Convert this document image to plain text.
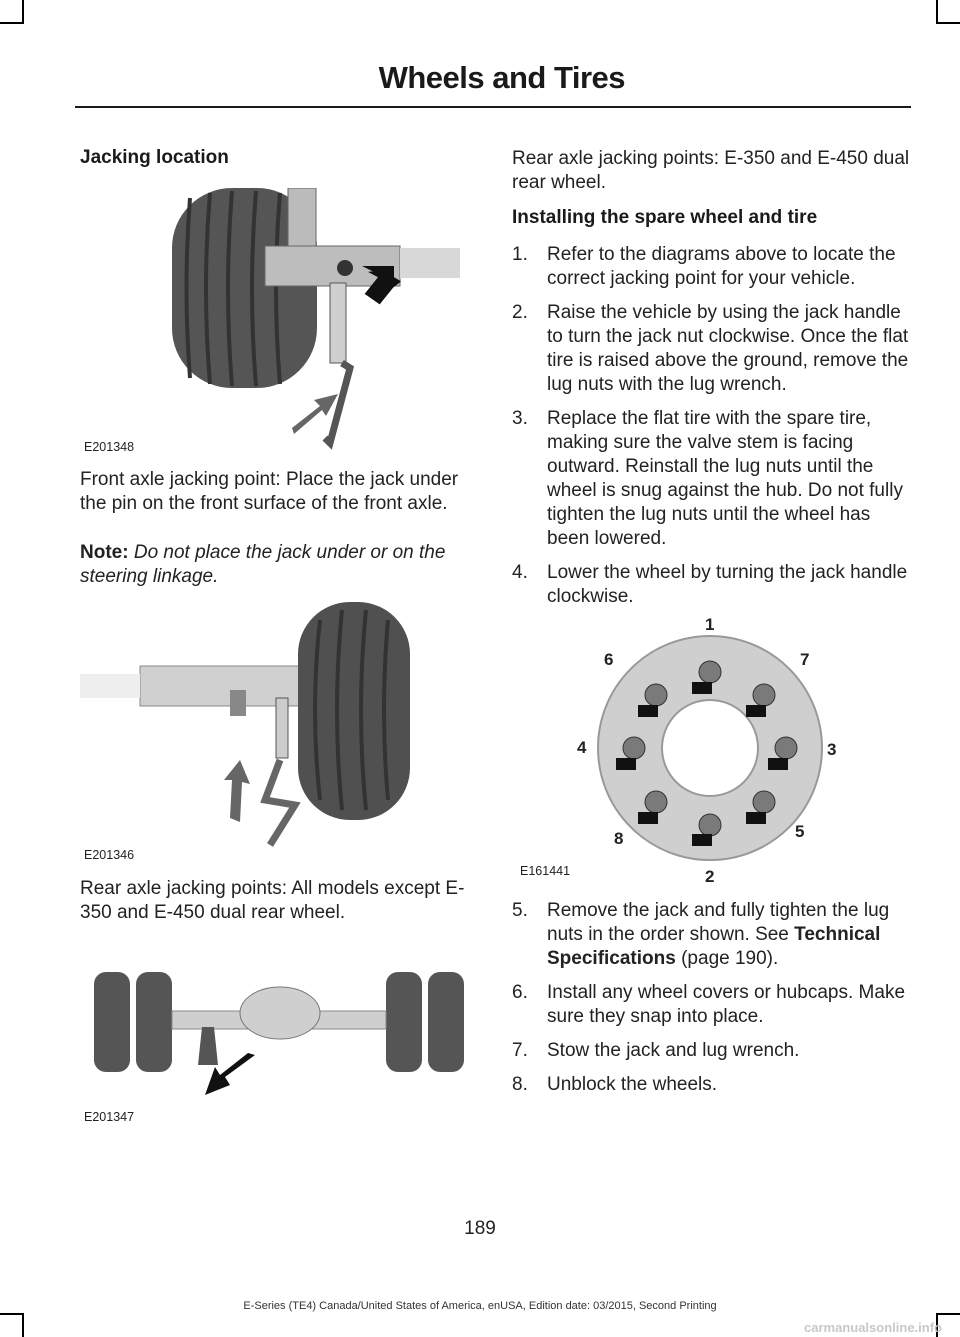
Wheels and Tires
Jacking location
E201348
Front axle jacking point: Place the jack under the pin on the front surface of the front axle.
Note: Do not place the jack under or on the steering linkage.
E201346
Rear axle jacking points: All models except E-350 and E-450 dual rear wheel.
E201347
Rear axle jacking points: E-350 and E-450 dual rear wheel.
Installing the spare wheel and tire
1. Refer to the diagrams above to locate the correct jacking point for your vehicle.
2. Raise the vehicle by using the jack handle to turn the jack nut clockwise. Once the flat tire is raised above the ground, remove the lug nuts with the lug wrench.
3. Replace the flat tire with the spare tire, making sure the valve stem is facing outward. Reinstall the lug nuts until the wheel is snug against the hub. Do not fully tighten the lug nuts until the wheel has been lowered.
4. Lower the wheel by turning the jack handle clockwise.
1
2
3
4
5
6	7
8
E161441
5. Remove the jack and fully tighten the lug nuts in the order shown. See Technical Specifications (page 190).
6. Install any wheel covers or hubcaps. Make sure they snap into place.
7. Stow the jack and lug wrench.
8. Unblock the wheels.
189
E-Series (TE4) Canada/United States of America, enUSA, Edition date: 03/2015, Second Printing
carmanualsonline.info
